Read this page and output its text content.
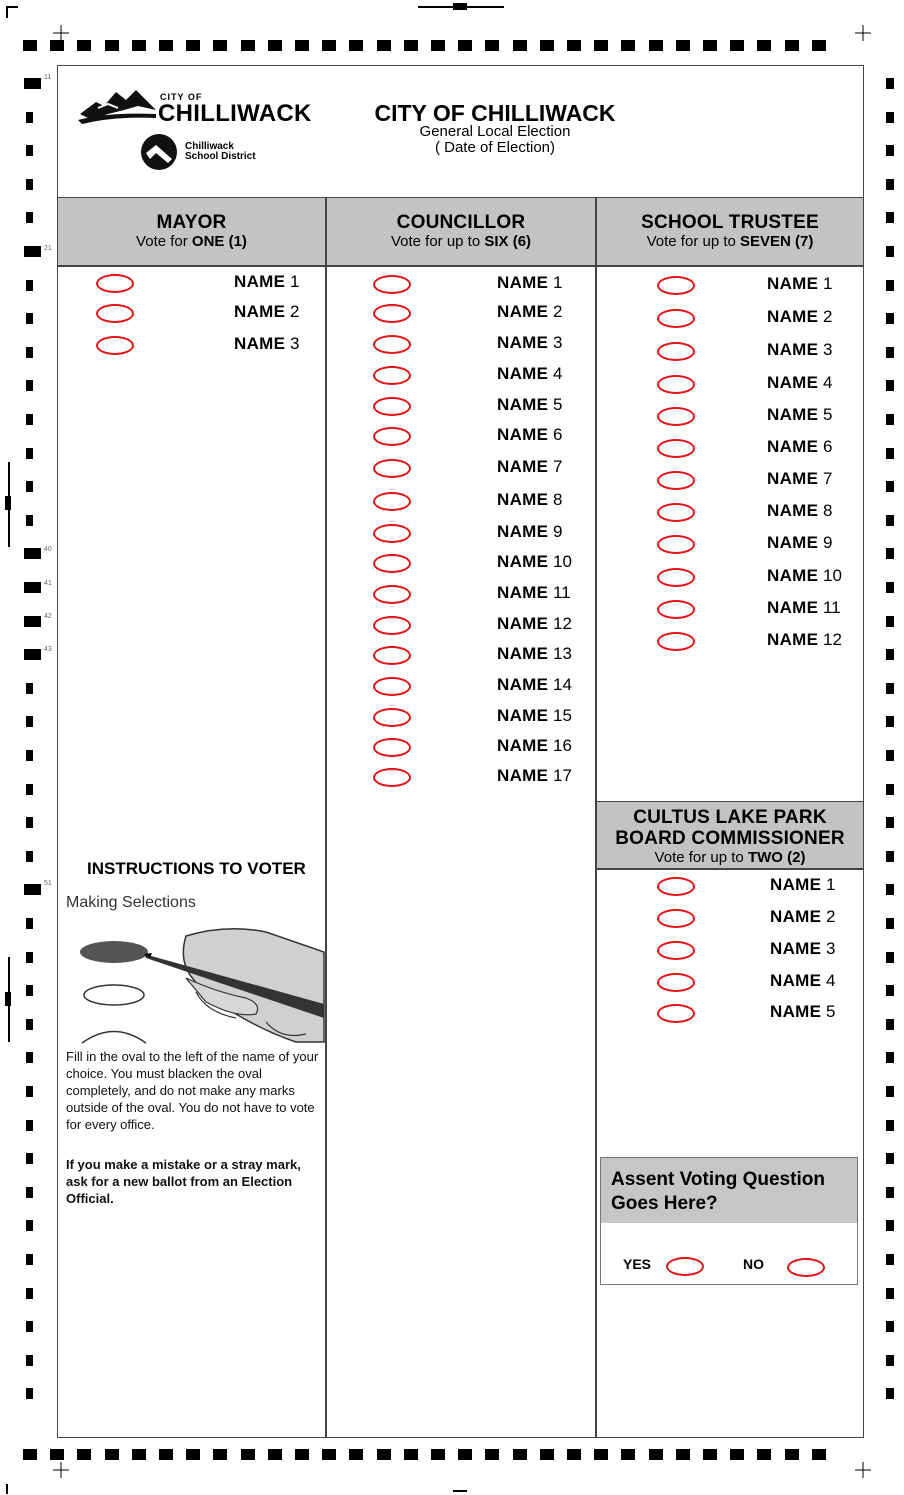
11
21
40
41
42
43
51
CITY OF
CHILLIWACK
Chilliwack
School District
CITY OF CHILLIWACK
General Local Election
( Date of Election)
MAYOR
Vote for ONE (1)
COUNCILLOR
Vote for up to SIX (6)
SCHOOL TRUSTEE
Vote for up to SEVEN (7)
NAME 1
NAME 2
NAME 3
NAME 1
NAME 2
NAME 3
NAME 4
NAME 5
NAME 6
NAME 7
NAME 8
NAME 9
NAME 10
NAME 11
NAME 12
NAME 13
NAME 14
NAME 15
NAME 16
NAME 17
NAME 1
NAME 2
NAME 3
NAME 4
NAME 5
NAME 6
NAME 7
NAME 8
NAME 9
NAME 10
NAME 11
NAME 12
NAME 1
NAME 2
NAME 3
NAME 4
NAME 5
CULTUS LAKE PARK
BOARD COMMISSIONER
Vote for up to TWO (2)
INSTRUCTIONS TO VOTER
Making Selections
Fill in the oval to the left of the name of your choice. You must blacken the oval completely, and do not make any marks outside of the oval. You do not have to vote for every office.
If you make a mistake or a stray mark, ask for a new ballot from an Election Official.
Assent Voting Question Goes Here?
YES	NO
